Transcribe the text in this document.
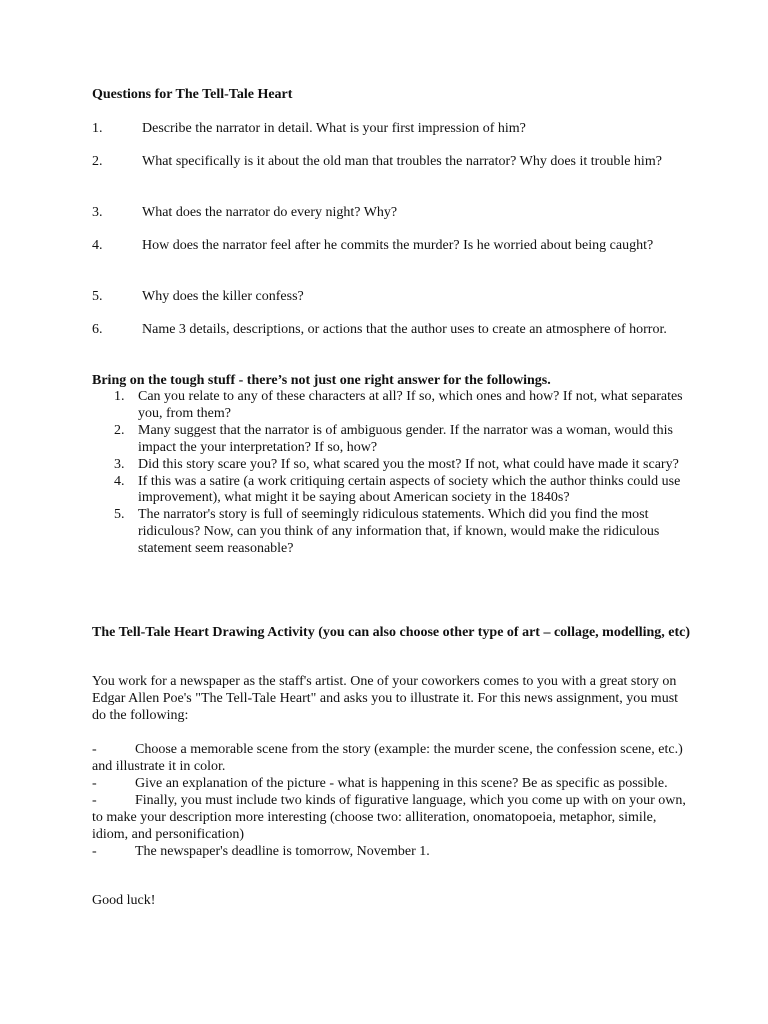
Questions for The Tell-Tale Heart
1.	Describe the narrator in detail. What is your first impression of him?
2.	What specifically is it about the old man that troubles the narrator? Why does it trouble him?
3.	What does the narrator do every night? Why?
4.	How does the narrator feel after he commits the murder? Is he worried about being caught?
5.	Why does the killer confess?
6.	Name 3 details, descriptions, or actions that the author uses to create an atmosphere of horror.
Bring on the tough stuff - there’s not just one right answer for the followings.
1. Can you relate to any of these characters at all? If so, which ones and how? If not, what separates you, from them?
2. Many suggest that the narrator is of ambiguous gender. If the narrator was a woman, would this impact the your interpretation? If so, how?
3. Did this story scare you? If so, what scared you the most? If not, what could have made it scary?
4. If this was a satire (a work critiquing certain aspects of society which the author thinks could use improvement), what might it be saying about American society in the 1840s?
5. The narrator's story is full of seemingly ridiculous statements. Which did you find the most ridiculous? Now, can you think of any information that, if known, would make the ridiculous statement seem reasonable?
The Tell-Tale Heart Drawing Activity (you can also choose other type of art – collage, modelling, etc)

You work for a newspaper as the staff's artist. One of your coworkers comes to you with a great story on Edgar Allen Poe's "The Tell-Tale Heart" and asks you to illustrate it. For this news assignment, you must do the following:

-	Choose a memorable scene from the story (example: the murder scene, the confession scene, etc.) and illustrate it in color.
-	Give an explanation of the picture - what is happening in this scene? Be as specific as possible.
-	Finally, you must include two kinds of figurative language, which you come up with on your own, to make your description more interesting (choose two: alliteration, onomatopoeia, metaphor, simile, idiom, and personification)
-	The newspaper's deadline is tomorrow, November 1.

Good luck!
